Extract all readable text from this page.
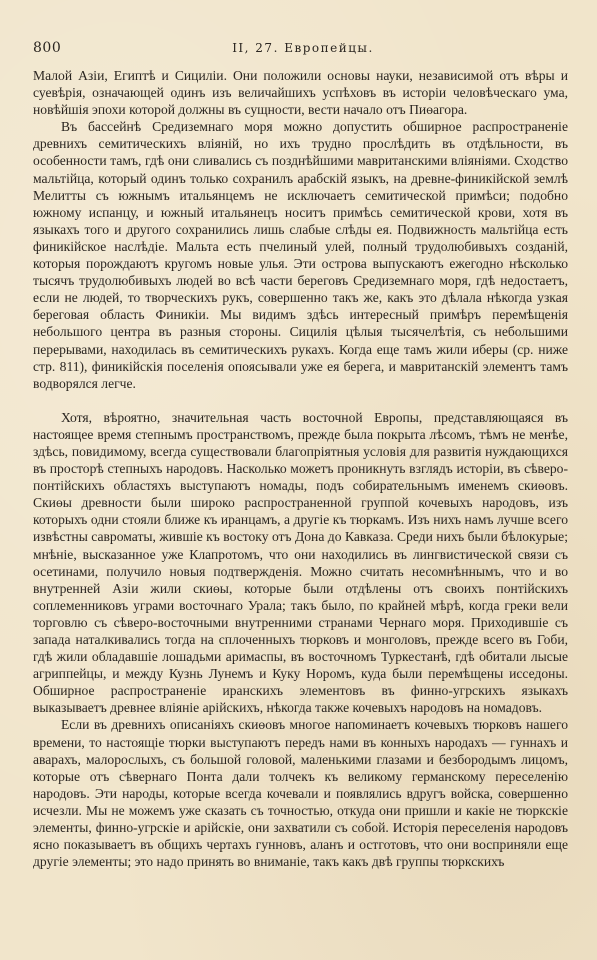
800	II, 27. Европейцы.

Малой Азіи, Египтѣ и Сициліи. Они положили основы науки, независимой отъ вѣры и суевѣрія, означающей одинъ изъ величайшихъ успѣховъ въ исторіи человѣческаго ума, новѣйшія эпохи которой должны въ сущности, вести начало отъ Пиѳагора.

Въ бассейнѣ Средиземнаго моря можно допустить обширное распространеніе древнихъ семитическихъ вліяній, но ихъ трудно прослѣдить въ отдѣльности, въ особенности тамъ, гдѣ они сливались съ позднѣйшими мавританскими вліяніями. Сходство мальтійца, который одинъ только сохранилъ арабскій языкъ, на древне-финикійской землѣ Мелитты съ южнымъ итальянцемъ не исключаетъ семитической примѣси; подобно южному испанцу, и южный итальянецъ носитъ примѣсь семитической крови, хотя въ языкахъ того и другого сохранились лишь слабые слѣды ея. Подвижность мальтійца есть финикійское наслѣдіе. Мальта есть пчелиный улей, полный трудолюбивыхъ созданій, которыя порождаютъ кругомъ новые улья. Эти острова выпускаютъ ежегодно нѣсколько тысячъ трудолюбивыхъ людей во всѣ части береговъ Средиземнаго моря, гдѣ недостаетъ, если не людей, то творческихъ рукъ, совершенно такъ же, какъ это дѣлала нѣкогда узкая береговая область Финикіи. Мы видимъ здѣсь интересный примѣръ перемѣщенія небольшого центра въ разныя стороны. Сицилія цѣлыя тысячелѣтія, съ небольшими перерывами, находилась въ семитическихъ рукахъ. Когда еще тамъ жили иберы (ср. ниже стр. 811), финикійскія поселенія опоясывали уже ея берега, и мавританскій элементъ тамъ водворялся легче.

Хотя, вѣроятно, значительная часть восточной Европы, представляющаяся въ настоящее время степнымъ пространствомъ, прежде была покрыта лѣсомъ, тѣмъ не менѣе, здѣсь, повидимому, всегда существовали благопріятныя условія для развитія нуждающихся въ просторѣ степныхъ народовъ. Насколько можетъ проникнуть взглядъ исторіи, въ сѣверо-понтійскихъ областяхъ выступаютъ номады, подъ собирательнымъ именемъ скиѳовъ. Скиѳы древности были широко распространенной группой кочевыхъ народовъ, изъ которыхъ одни стояли ближе къ иранцамъ, а другіе къ тюркамъ. Изъ нихъ намъ лучше всего извѣстны савроматы, жившіе къ востоку отъ Дона до Кавказа. Среди нихъ были бѣлокурые; мнѣніе, высказанное уже Клапротомъ, что они находились въ лингвистической связи съ осетинами, получило новыя подтвержденія. Можно считать несомнѣннымъ, что и во внутренней Азіи жили скиѳы, которые были отдѣлены отъ своихъ понтійскихъ соплеменниковъ уграми восточнаго Урала; такъ было, по крайней мѣрѣ, когда греки вели торговлю съ сѣверо-восточными внутренними странами Чернаго моря. Приходившіе съ запада наталкивались тогда на сплоченныхъ тюрковъ и монголовъ, прежде всего въ Гоби, гдѣ жили обладавшіе лошадьми аримаспы, въ восточномъ Туркестанѣ, гдѣ обитали лысые агриппейцы, и между Кузнь Лунемъ и Куку Норомъ, куда были перемѣщены исседоны. Обширное распространеніе иранскихъ элементовъ въ финно-угрскихъ языкахъ выказываетъ древнее вліяніе арійскихъ, нѣкогда также кочевыхъ народовъ на номадовъ.

Если въ древнихъ описаніяхъ скиѳовъ многое напоминаетъ кочевыхъ тюрковъ нашего времени, то настоящіе тюрки выступаютъ передъ нами въ конныхъ народахъ — гуннахъ и аварахъ, малорослыхъ, съ большой головой, маленькими глазами и безбородымъ лицомъ, которые отъ сѣвернаго Понта дали толчекъ къ великому германскому переселенію народовъ. Эти народы, которые всегда кочевали и появлялись вдругъ войска, совершенно исчезли. Мы не можемъ уже сказать съ точностью, откуда они пришли и какіе не тюркскіе элементы, финно-угрскіе и арійскіе, они захватили съ собой. Исторія переселенія народовъ ясно показываетъ въ общихъ чертахъ гунновъ, аланъ и остготовъ, что они восприняли еще другіе элементы; это надо принять во вниманіе, такъ какъ двѣ группы тюркскихъ
